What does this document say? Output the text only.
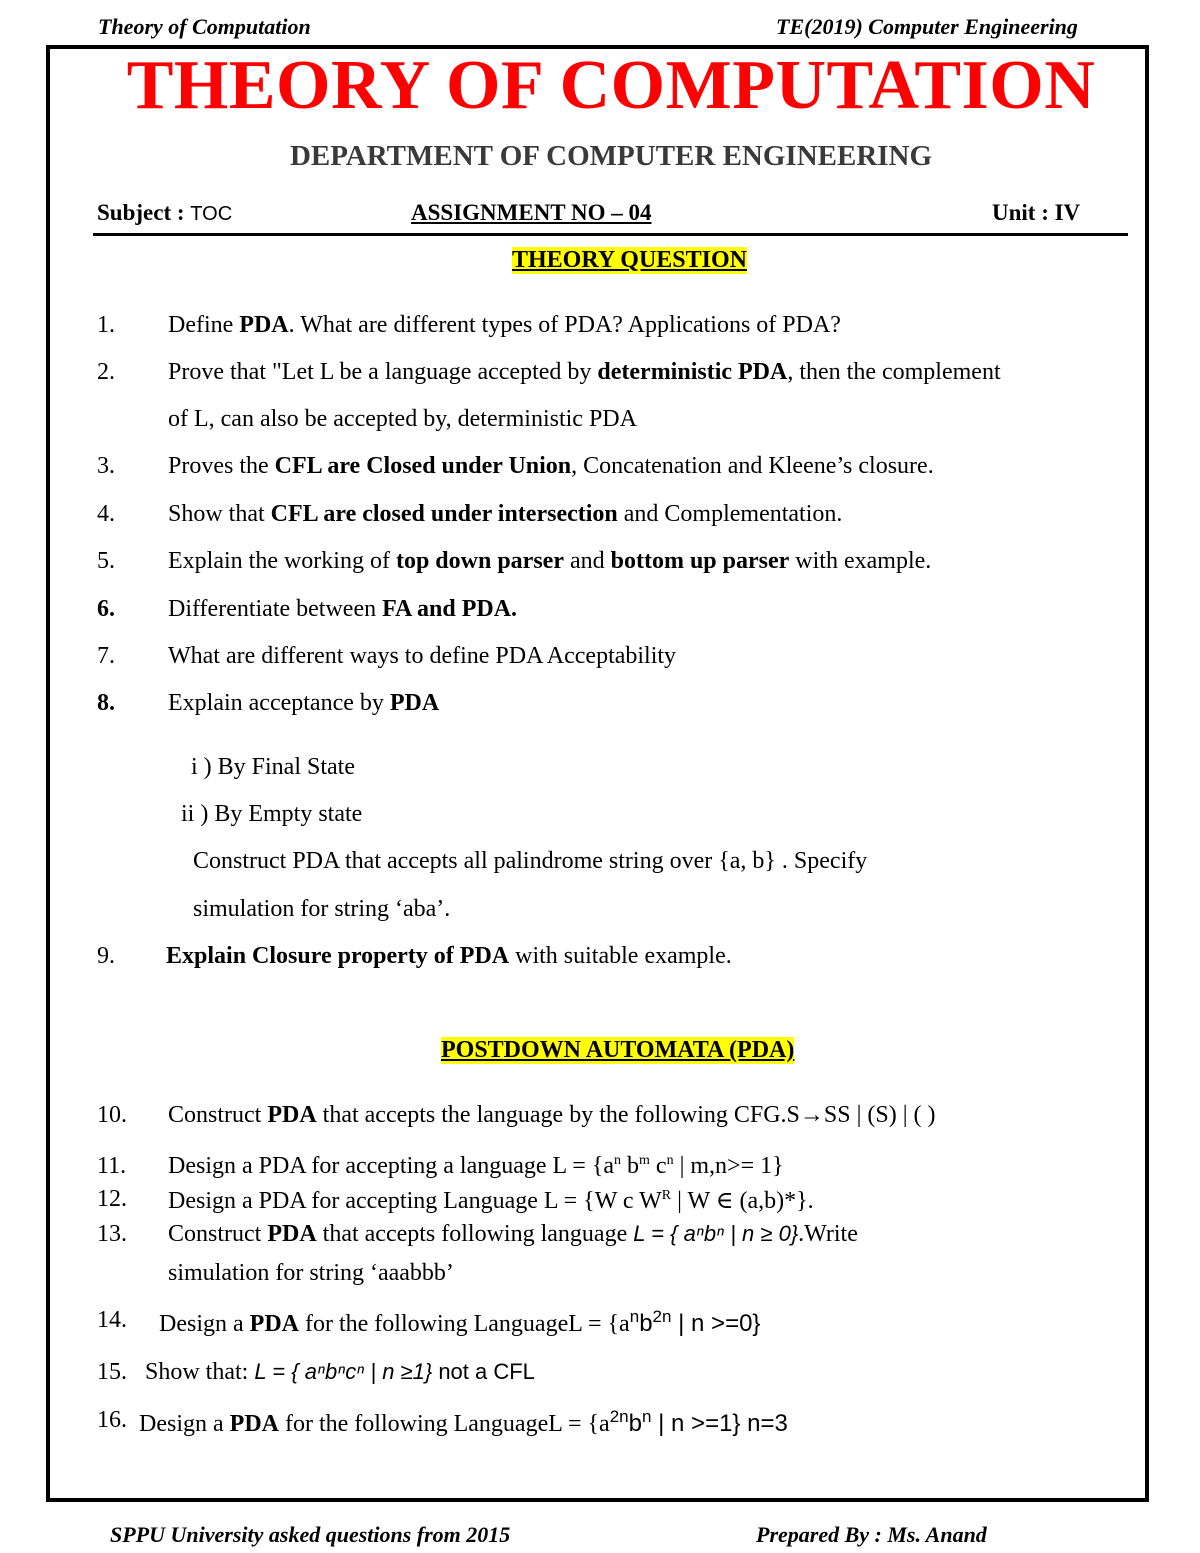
Theory of Computation	TE(2019) Computer Engineering
THEORY OF COMPUTATION
DEPARTMENT OF COMPUTER ENGINEERING
Subject : TOC	ASSIGNMENT NO – 04	Unit : IV
THEORY QUESTION
1. Define PDA. What are different types of PDA? Applications of PDA?
2. Prove that "Let L be a language accepted by deterministic PDA, then the complement
of L, can also be accepted by, deterministic PDA
3. Proves the CFL are Closed under Union, Concatenation and Kleene’s closure.
4. Show that CFL are closed under intersection and Complementation.
5. Explain the working of top down parser and bottom up parser with example.
6. Differentiate between FA and PDA.
7. What are different ways to define PDA Acceptability
8. Explain acceptance by PDA
i ) By Final State
ii ) By Empty state
Construct PDA that accepts all palindrome string over {a, b} . Specify
simulation for string ‘aba’.
9. Explain Closure property of PDA with suitable example.
POSTDOWN AUTOMATA (PDA)
10. Construct PDA that accepts the language by the following CFG.S→SS | (S) | ( )
11. Design a PDA for accepting a language $L = \{a^n$ $b^m$ $c^n$ | m,n>= 1}
12. Design a PDA for accepting Language L = {W c $W^R$ | W ∈ (a,b)*}.
13. Construct PDA that accepts following language L = { aⁿbⁿ | n ≥ 0}.Write
simulation for string ‘aaabbb’
14. Design a PDA for the following LanguageL = {$a^nb^{2n}$ | n >=0}
15. Show that: L = { aⁿbⁿcⁿ | n ≥1} not a CFL
16. Design a PDA for the following LanguageL = {$a^{2n}b^n$ | n >=1} n=3
SPPU University asked questions from 2015	Prepared By : Ms. Anand
